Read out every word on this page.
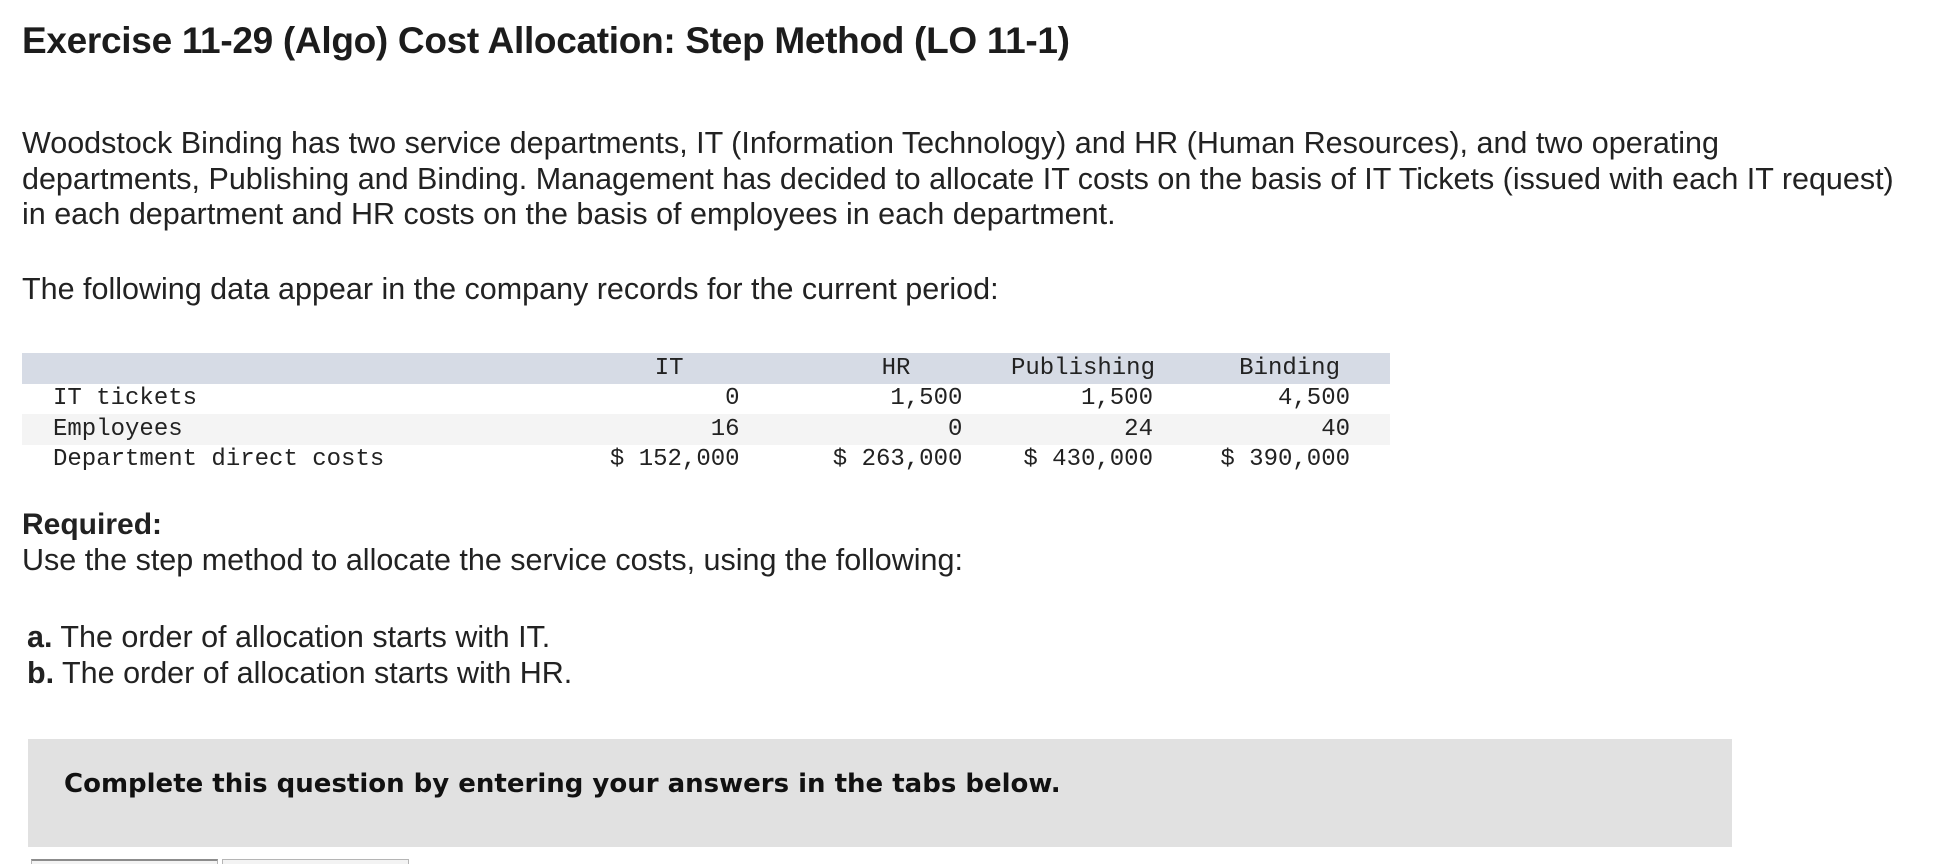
Exercise 11-29 (Algo) Cost Allocation: Step Method (LO 11-1)

Woodstock Binding has two service departments, IT (Information Technology) and HR (Human Resources), and two operating departments, Publishing and Binding. Management has decided to allocate IT costs on the basis of IT Tickets (issued with each IT request) in each department and HR costs on the basis of employees in each department.

The following data appear in the company records for the current period:

	IT	HR	Publishing	Binding
IT tickets	0	1,500	1,500	4,500
Employees	16	0	24	40
Department direct costs	$ 152,000	$ 263,000	$ 430,000	$ 390,000
Required:
Use the step method to allocate the service costs, using the following:
a. The order of allocation starts with IT.
b. The order of allocation starts with HR.
Complete this question by entering your answers in the tabs below.
